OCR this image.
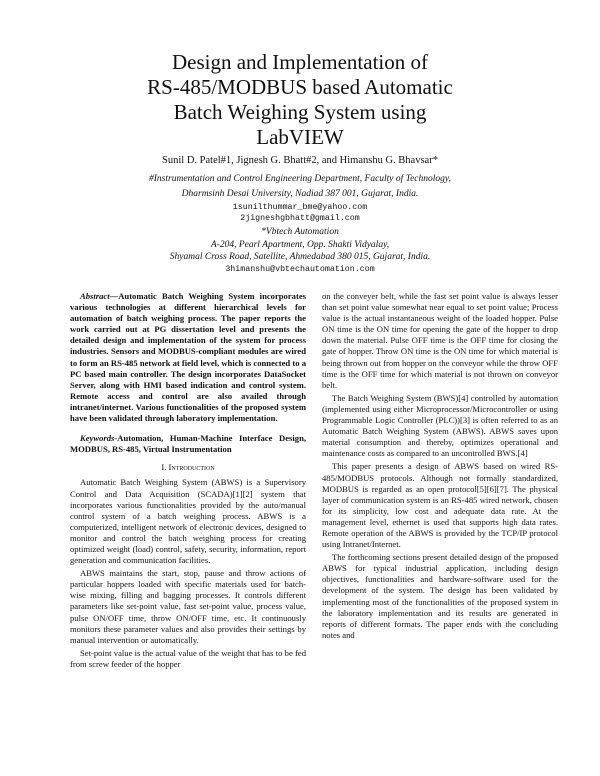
Design and Implementation of
RS-485/MODBUS based Automatic
Batch Weighing System using
LabVIEW
Sunil D. Patel#1, Jignesh G. Bhatt#2, and Himanshu G. Bhavsar*
#Instrumentation and Control Engineering Department, Faculty of Technology,
Dharmsinh Desai University, Nadiad 387 001, Gujarat, India.
1sunilthummar_bme@yahoo.com
2jigneshgbhatt@gmail.com
*Vbtech Automation
A-204, Pearl Apartment, Opp. Shakti Vidyalay,
Shyamal Cross Road, Satellite, Ahmedabad 380 015, Gujarat, India.
3himanshu@vbtechautomation.com

Abstract—Automatic Batch Weighing System incorporates various technologies at different hierarchical levels for automation of batch weighing process. The paper reports the work carried out at PG dissertation level and presents the detailed design and implementation of the system for process industries. Sensors and MODBUS-compliant modules are wired to form an RS-485 network at field level, which is connected to a PC based main controller. The design incorporates DataSocket Server, along with HMI based indication and control system. Remote access and control are also availed through intranet/internet. Various functionalities of the proposed system have been validated through laboratory implementation.

Keywords-Automation, Human-Machine Interface Design, MODBUS, RS-485, Virtual Instrumentation

I. Introduction

Automatic Batch Weighing System (ABWS) is a Supervisory Control and Data Acquisition (SCADA)[1][2] system that incorporates various functionalities provided by the auto/manual control system of a batch weighing process. ABWS is a computerized, intelligent network of electronic devices, designed to monitor and control the batch weighing process for creating optimized weight (load) control, safety, security, information, report generation and communication facilities.

ABWS maintains the start, stop, pause and throw actions of particular hoppers loaded with specific materials used for batch-wise mixing, filling and bagging processes. It controls different parameters like set-point value, fast set-point value, process value, pulse ON/OFF time, throw ON/OFF time, etc. It continuously monitors these parameter values and also provides their settings by manual intervention or automatically.

Set-point value is the actual value of the weight that has to be fed from screw feeder of the hopper

on the conveyer belt, while the fast set point value is always lesser than set point value somewhat near equal to set point value; Process value is the actual instantaneous weight of the loaded hopper. Pulse ON time is the ON time for opening the gate of the hopper to drop down the material. Pulse OFF time is the OFF time for closing the gate of hopper. Throw ON time is the ON time for which material is being thrown out from hopper on the conveyor while the throw OFF time is the OFF time for which material is not thrown on conveyor belt.

The Batch Weighing System (BWS)[4] controlled by automation (implemented using either Microprocessor/Microcontroller or using Programmable Logic Controller (PLC))[3] is often referred to as an Automatic Batch Weighing System (ABWS). ABWS saves upon material consumption and thereby, optimizes operational and maintenance costs as compared to an uncontrolled BWS.[4]

This paper presents a design of ABWS based on wired RS-485/MODBUS protocols. Although not formally standardized, MODBUS is regarded as an open protocol[5][6][7]. The physical layer of communication system is an RS-485 wired network, chosen for its simplicity, low cost and adequate data rate. At the management level, ethernet is used that supports high data rates. Remote operation of the ABWS is provided by the TCP/IP protocol using Intranet/Internet.

The forthcoming sections present detailed design of the proposed ABWS for typical industrial application, including design objectives, functionalities and hardware-software used for the development of the system. The design has been validated by implementing most of the functionalities of the proposed system in the laboratory implementation and its results are generated in reports of different formats. The paper ends with the concluding notes and
